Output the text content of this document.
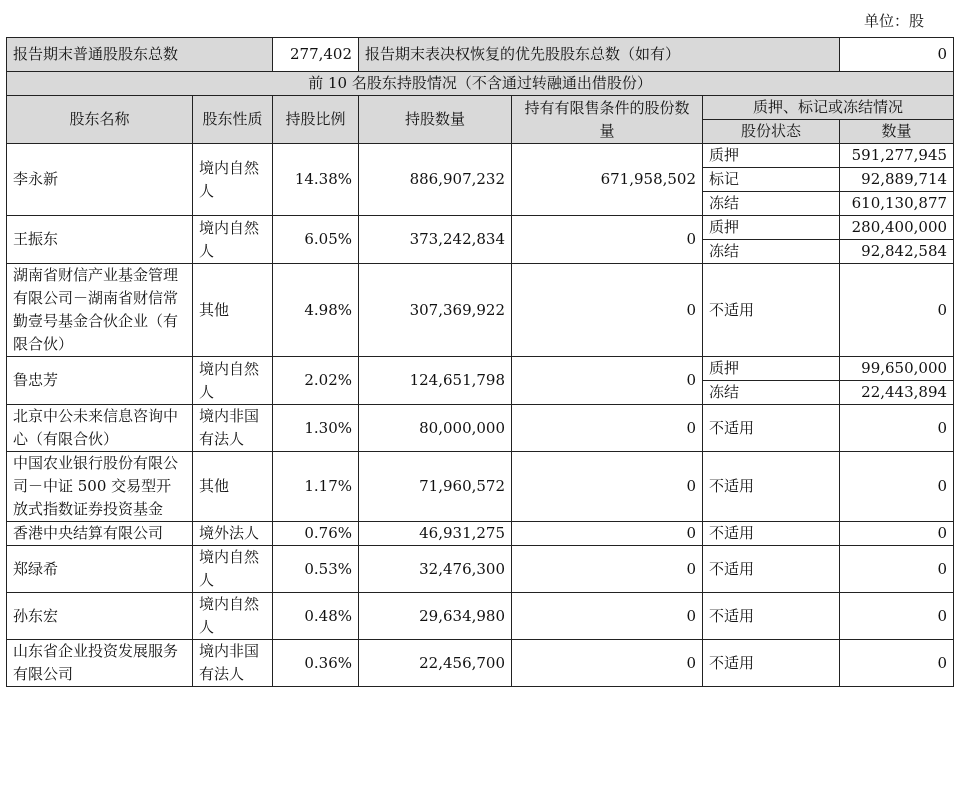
单位：股
报告期末普通股股东总数		277,402	报告期末表决权恢复的优先股股东总数（如有）			0
前 10 名股东持股情况（不含通过转融通出借股份）						
股东名称	股东性质	持股比例	持股数量	持有有限售条件的股份数量	质押、标记或冻结情况	
					股份状态	数量
李永新	境内自然人	14.38%	886,907,232	671,958,502	质押	591,277,945
					标记	92,889,714
					冻结	610,130,877
王振东	境内自然人	6.05%	373,242,834	0	质押	280,400,000
					冻结	92,842,584
湖南省财信产业基金管理有限公司－湖南省财信常勤壹号基金合伙企业（有限合伙）	其他	4.98%	307,369,922	0	不适用	0
鲁忠芳	境内自然人	2.02%	124,651,798	0	质押	99,650,000
					冻结	22,443,894
北京中公未来信息咨询中心（有限合伙）	境内非国有法人	1.30%	80,000,000	0	不适用	0
中国农业银行股份有限公司－中证 500 交易型开放式指数证券投资基金	其他	1.17%	71,960,572	0	不适用	0
香港中央结算有限公司	境外法人	0.76%	46,931,275	0	不适用	0
郑绿希	境内自然人	0.53%	32,476,300	0	不适用	0
孙东宏	境内自然人	0.48%	29,634,980	0	不适用	0
山东省企业投资发展服务有限公司	境内非国有法人	0.36%	22,456,700	0	不适用	0
